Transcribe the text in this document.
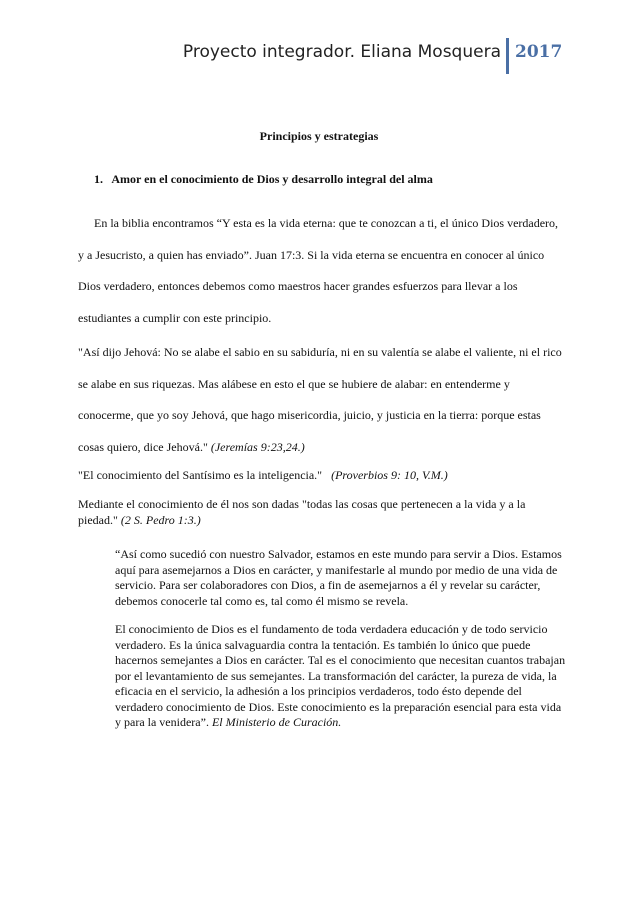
Proyecto integrador. Eliana Mosquera 2017
Principios y estrategias
1. Amor en el conocimiento de Dios y desarrollo integral del alma

En la biblia encontramos “Y esta es la vida eterna: que te conozcan a ti, el único Dios verdadero, y a Jesucristo, a quien has enviado”. Juan 17:3. Si la vida eterna se encuentra en conocer al único Dios verdadero, entonces debemos como maestros hacer grandes esfuerzos para llevar a los estudiantes a cumplir con este principio.

"Así dijo Jehová: No se alabe el sabio en su sabiduría, ni en su valentía se alabe el valiente, ni el rico se alabe en sus riquezas. Mas alábese en esto el que se hubiere de alabar: en entenderme y conocerme, que yo soy Jehová, que hago misericordia, juicio, y justicia en la tierra: porque estas cosas quiero, dice Jehová." (Jeremías 9:23,24.)

"El conocimiento del Santísimo es la inteligencia." (Proverbios 9: 10, V.M.)

Mediante el conocimiento de él nos son dadas "todas las cosas que pertenecen a la vida y a la piedad." (2 S. Pedro 1:3.)

“Así como sucedió con nuestro Salvador, estamos en este mundo para servir a Dios. Estamos aquí para asemejarnos a Dios en carácter, y manifestarle al mundo por medio de una vida de servicio. Para ser colaboradores con Dios, a fin de asemejarnos a él y revelar su carácter, debemos conocerle tal como es, tal como él mismo se revela.

El conocimiento de Dios es el fundamento de toda verdadera educación y de todo servicio verdadero. Es la única salvaguardia contra la tentación. Es también lo único que puede hacernos semejantes a Dios en carácter. Tal es el conocimiento que necesitan cuantos trabajan por el levantamiento de sus semejantes. La transformación del carácter, la pureza de vida, la eficacia en el servicio, la adhesión a los principios verdaderos, todo ésto depende del verdadero conocimiento de Dios. Este conocimiento es la preparación esencial para esta vida y para la venidera”. El Ministerio de Curación.
